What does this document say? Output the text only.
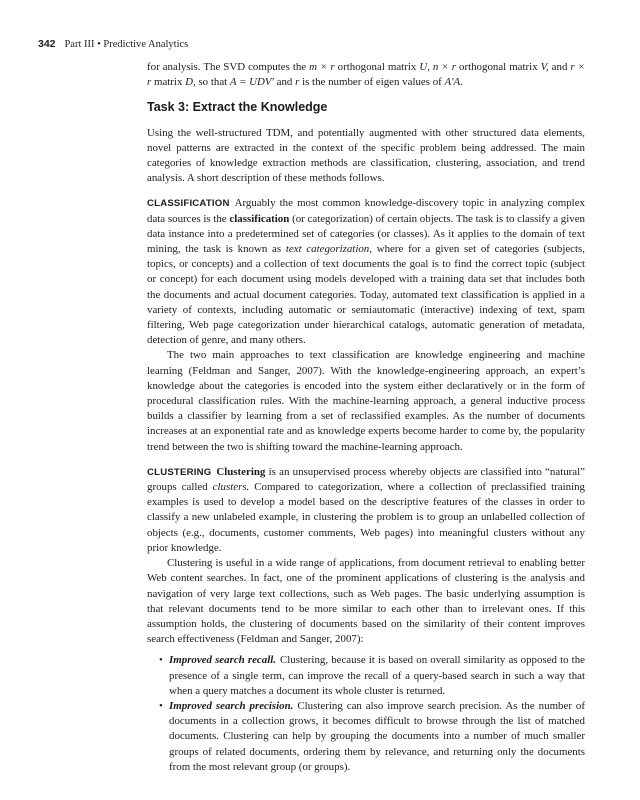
342 Part III • Predictive Analytics

for analysis. The SVD computes the m × r orthogonal matrix U, n × r orthogonal matrix V, and r × r matrix D, so that A = UDV′ and r is the number of eigen values of A′A.

Task 3: Extract the Knowledge

Using the well-structured TDM, and potentially augmented with other structured data elements, novel patterns are extracted in the context of the specific problem being addressed. The main categories of knowledge extraction methods are classification, clustering, association, and trend analysis. A short description of these methods follows.

CLASSIFICATION Arguably the most common knowledge-discovery topic in analyzing complex data sources is the classification (or categorization) of certain objects. The task is to classify a given data instance into a predetermined set of categories (or classes). As it applies to the domain of text mining, the task is known as text categorization, where for a given set of categories (subjects, topics, or concepts) and a collection of text documents the goal is to find the correct topic (subject or concept) for each document using models developed with a training data set that includes both the documents and actual document categories. Today, automated text classification is applied in a variety of contexts, including automatic or semiautomatic (interactive) indexing of text, spam filtering, Web page categorization under hierarchical catalogs, automatic generation of metadata, detection of genre, and many others.

The two main approaches to text classification are knowledge engineering and machine learning (Feldman and Sanger, 2007). With the knowledge-engineering approach, an expert’s knowledge about the categories is encoded into the system either declaratively or in the form of procedural classification rules. With the machine-learning approach, a general inductive process builds a classifier by learning from a set of reclassified examples. As the number of documents increases at an exponential rate and as knowledge experts become harder to come by, the popularity trend between the two is shifting toward the machine-learning approach.

CLUSTERING Clustering is an unsupervised process whereby objects are classified into “natural” groups called clusters. Compared to categorization, where a collection of preclassified training examples is used to develop a model based on the descriptive features of the classes in order to classify a new unlabeled example, in clustering the problem is to group an unlabelled collection of objects (e.g., documents, customer comments, Web pages) into meaningful clusters without any prior knowledge.

Clustering is useful in a wide range of applications, from document retrieval to enabling better Web content searches. In fact, one of the prominent applications of clustering is the analysis and navigation of very large text collections, such as Web pages. The basic underlying assumption is that relevant documents tend to be more similar to each other than to irrelevant ones. If this assumption holds, the clustering of documents based on the similarity of their content improves search effectiveness (Feldman and Sanger, 2007):

• Improved search recall. Clustering, because it is based on overall similarity as opposed to the presence of a single term, can improve the recall of a query-based search in such a way that when a query matches a document its whole cluster is returned.
• Improved search precision. Clustering can also improve search precision. As the number of documents in a collection grows, it becomes difficult to browse through the list of matched documents. Clustering can help by grouping the documents into a number of much smaller groups of related documents, ordering them by relevance, and returning only the documents from the most relevant group (or groups).
